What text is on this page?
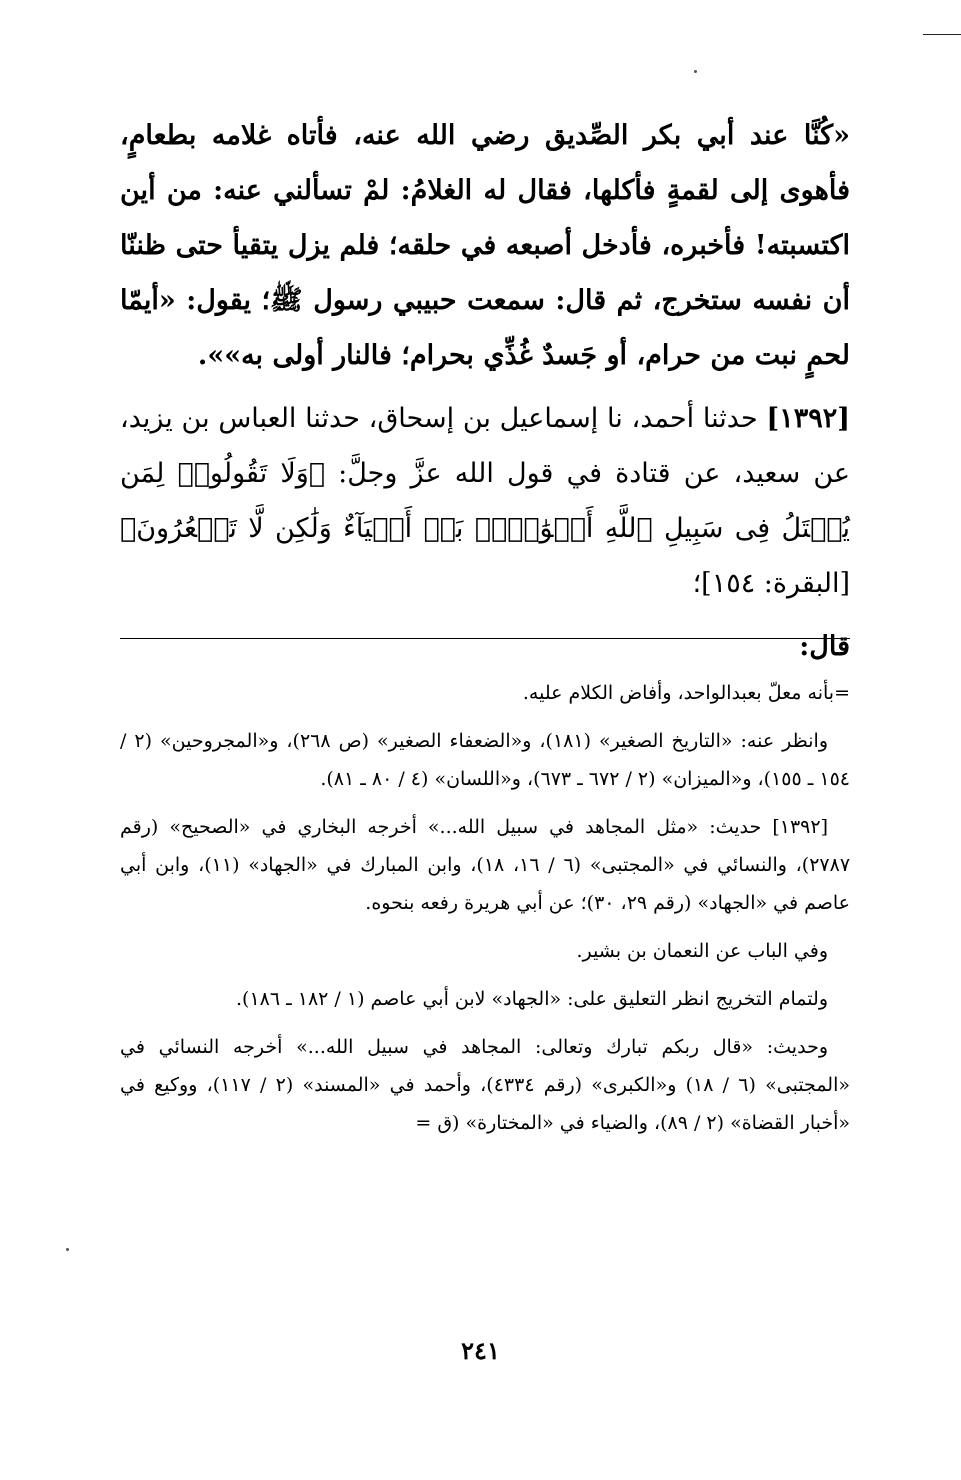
«كُنَّا عند أبي بكر الصِّديق رضي الله عنه، فأتاه غلامه بطعامٍ، فأهوى إلى لقمةٍ فأكلها، فقال له الغلامُ: لمْ تسألني عنه: من أين اكتسبته! فأخبره، فأدخل أصبعه في حلقه؛ فلم يزل يتقيأ حتى ظننّا أن نفسه ستخرج، ثم قال: سمعت حبيبي رسول ﷺ؛ يقول: «أيمّا لحمٍ نبت من حرام، أو جَسدٌ غُذِّي بحرام؛ فالنار أولى به»».

[١٣٩٢] حدثنا أحمد، نا إسماعيل بن إسحاق، حدثنا العباس بن يزيد، عن سعيد، عن قتادة في قول الله عزَّ وجلَّ: ﴿وَلَا تَقُولُوا۟ لِمَن يُقۡتَلُ فِى سَبِيلِ ٱللَّهِ أَمۡوَٰتُۢۚ بَلۡ أَحۡيَآءٌ وَلَٰكِن لَّا تَشۡعُرُونَ﴾ [البقرة: ١٥٤]؛

قال:

=بأنه معلّ بعبدالواحد، وأفاض الكلام عليه.

وانظر عنه: «التاريخ الصغير» (١٨١)، و«الضعفاء الصغير» (ص ٢٦٨)، و«المجروحين» (٢ / ١٥٤ ـ ١٥٥)، و«الميزان» (٢ / ٦٧٢ ـ ٦٧٣)، و«اللسان» (٤ / ٨٠ ـ ٨١).

[١٣٩٢] حديث: «مثل المجاهد في سبيل الله...» أخرجه البخاري في «الصحيح» (رقم ٢٧٨٧)، والنسائي في «المجتبى» (٦ / ١٦، ١٨)، وابن المبارك في «الجهاد» (١١)، وابن أبي عاصم في «الجهاد» (رقم ٢٩، ٣٠)؛ عن أبي هريرة رفعه بنحوه.

وفي الباب عن النعمان بن بشير.

ولتمام التخريج انظر التعليق على: «الجهاد» لابن أبي عاصم (١ / ١٨٢ ـ ١٨٦).

وحديث: «قال ربكم تبارك وتعالى: المجاهد في سبيل الله...» أخرجه النسائي في «المجتبى» (٦ / ١٨) و«الكبرى» (رقم ٤٣٣٤)، وأحمد في «المسند» (٢ / ١١٧)، ووكيع في «أخبار القضاة» (٢ / ٨٩)، والضياء في «المختارة» (ق =

٢٤١
